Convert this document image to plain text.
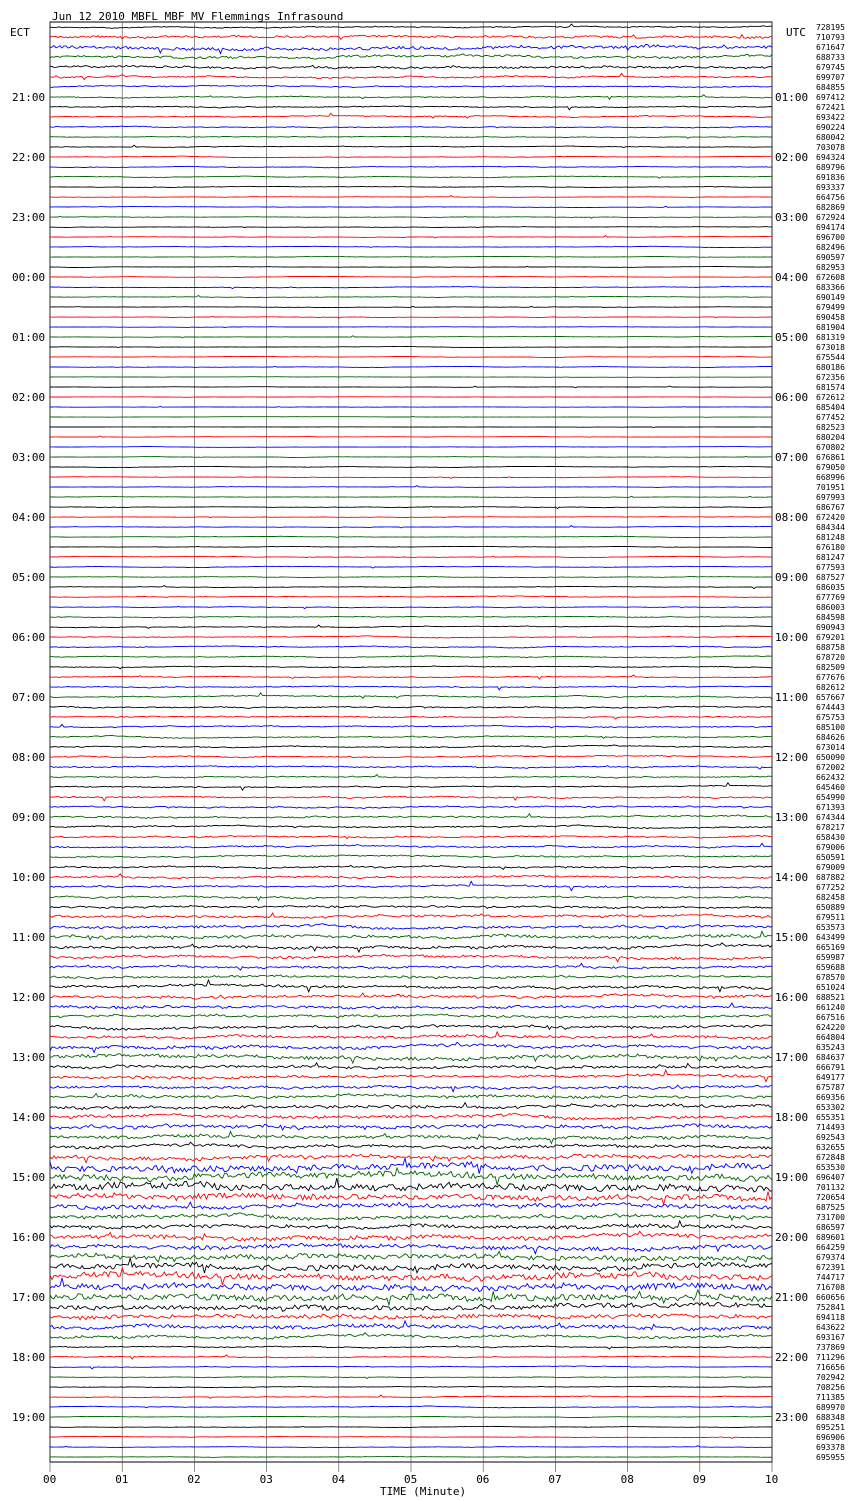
Jun 12 2010 MBFL MBF MV Flemmings Infrasound
ECT	UTC
TIME (Minute)
728195
710793
671647
688733
679745
699707
684855
697412
672421
693422
690224
680042
703078
694324
689796
691836
693337
664756
682869
672924
694174
696700
682496
690597
682953
672608
683366
690149
679499
690458
681904
681319
673018
675544
680186
672356
681574
672612
685404
677452
682523
680204
670802
676861
679050
668996
701951
697993
686767
672420
684344
681248
676180
681247
677593
687527
686035
677769
686003
684598
690943
679201
688758
678720
682509
677676
682612
657667
674443
675753
685100
684626
673014
650090
672002
662432
645460
654990
671393
674344
678217
658430
679006
650591
679009
687882
677252
682458
650889
679511
653573
643499
665169
659987
659688
678570
651024
688521
661240
667516
624220
664804
635243
684637
666791
649177
675787
669356
653302
655351
714493
692543
632655
672848
653530
696407
701132
720654
687525
731700
686597
689601
664259
679374
672391
744717
716708
660656
752841
694118
643622
693167
737869
711296
716656
702942
708256
711385
689970
688348
695251
696906
693378
695955
21:00	01:00
22:00	02:00
23:00	03:00
00:00	04:00
01:00	05:00
02:00	06:00
03:00	07:00
04:00	08:00
05:00	09:00
06:00	10:00
07:00	11:00
08:00	12:00
09:00	13:00
10:00	14:00
11:00	15:00
12:00	16:00
13:00	17:00
14:00	18:00
15:00	19:00
16:00	20:00
17:00	21:00
18:00	22:00
19:00	23:00
00	01	02	03	04	05	06	07	08	09	10
